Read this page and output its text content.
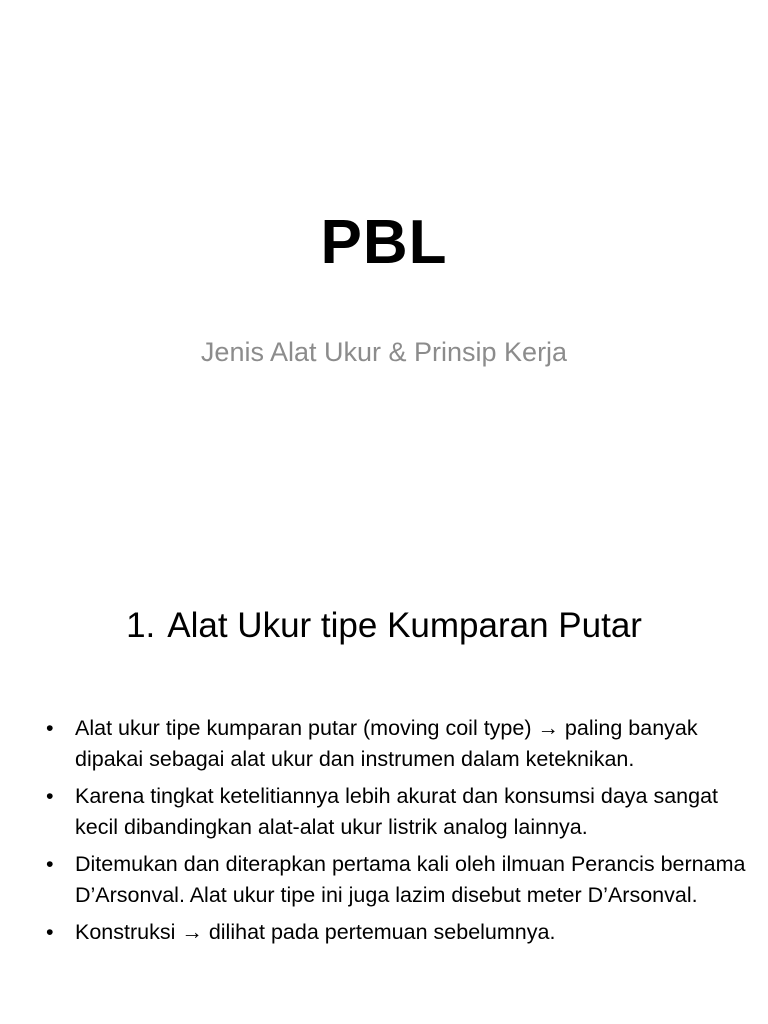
PBL
Jenis Alat Ukur & Prinsip Kerja
1. Alat Ukur tipe Kumparan Putar
• Alat ukur tipe kumparan putar (moving coil type) → paling banyak dipakai sebagai alat ukur dan instrumen dalam keteknikan.
• Karena tingkat ketelitiannya lebih akurat dan konsumsi daya sangat kecil dibandingkan alat-alat ukur listrik analog lainnya.
• Ditemukan dan diterapkan pertama kali oleh ilmuan Perancis bernama D’Arsonval. Alat ukur tipe ini juga lazim disebut meter D’Arsonval.
• Konstruksi → dilihat pada pertemuan sebelumnya.
